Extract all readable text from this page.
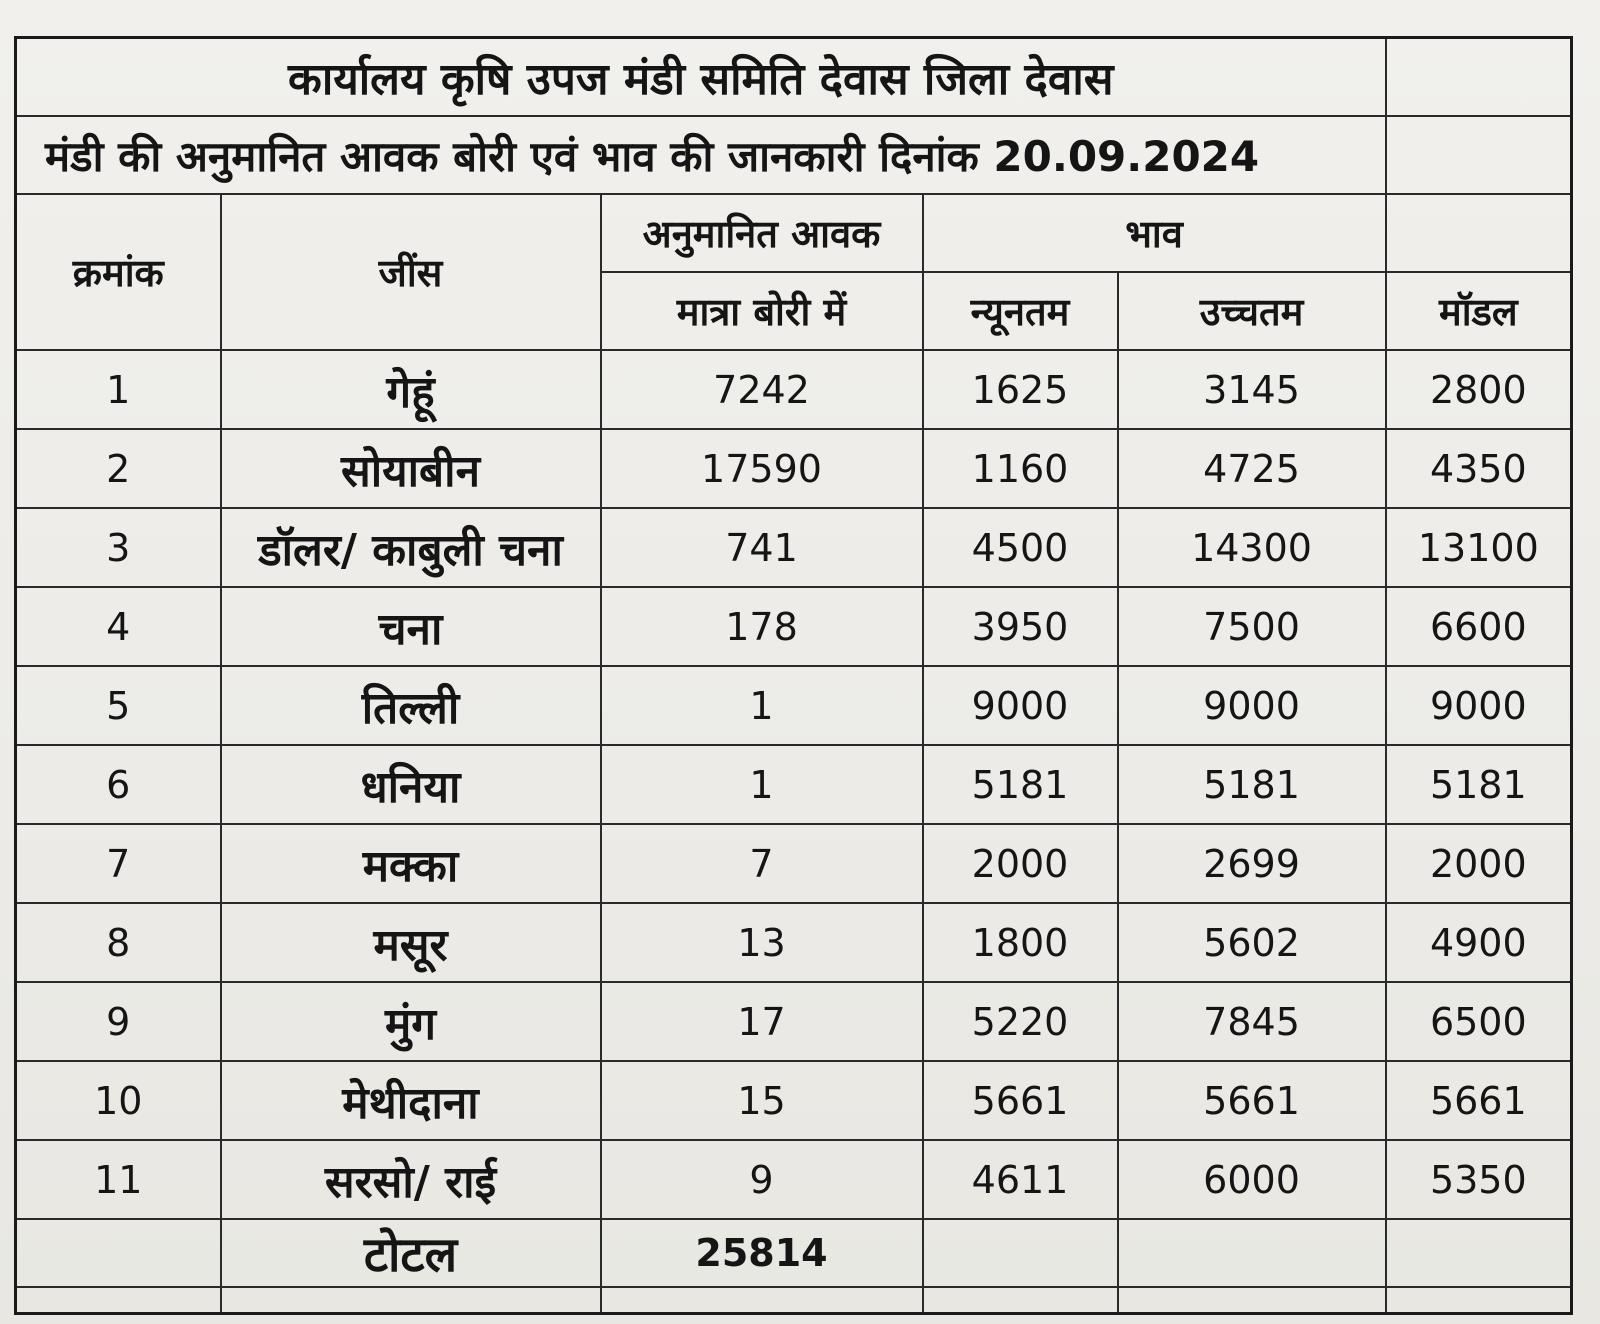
कार्यालय कृषि उपज मंडी समिति देवास जिला देवास					
मंडी की अनुमानित आवक बोरी एवं भाव की जानकारी दिनांक 20.09.2024					
क्रमांक	जींस	अनुमानित आवक	भाव		
		मात्रा बोरी में	न्यूनतम	उच्चतम	मॉडल
1	गेहूं	7242	1625	3145	2800
2	सोयाबीन	17590	1160	4725	4350
3	डॉलर/ काबुली चना	741	4500	14300	13100
4	चना	178	3950	7500	6600
5	तिल्ली	1	9000	9000	9000
6	धनिया	1	5181	5181	5181
7	मक्का	7	2000	2699	2000
8	मसूर	13	1800	5602	4900
9	मुंग	17	5220	7845	6500
10	मेथीदाना	15	5661	5661	5661
11	सरसो/ राई	9	4611	6000	5350
	टोटल	25814			
